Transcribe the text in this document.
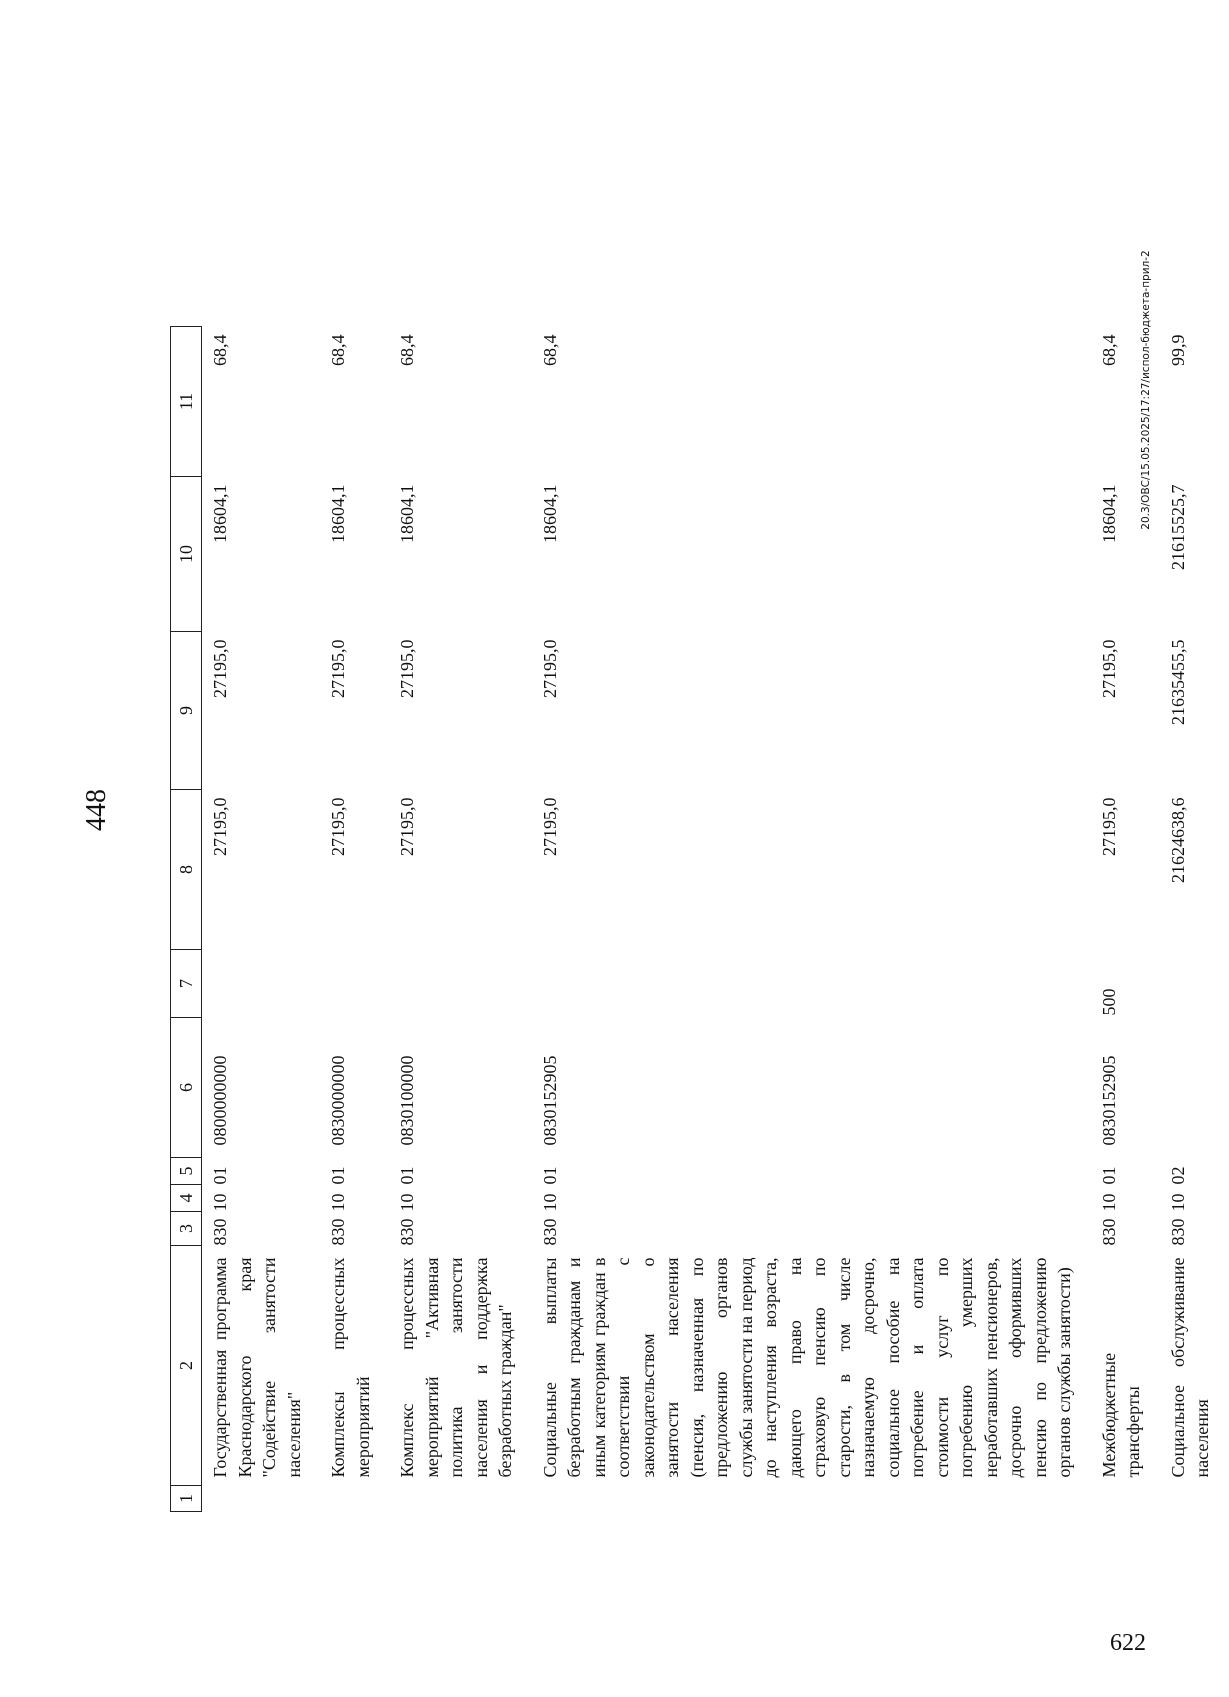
448
1	2	3	4	5	6	7	8	9	10	11
	Государственная программа Краснодарского края "Содействие занятости населения"	830	10	01	0800000000		27195,0	27195,0	18604,1	68,4
	Комплексы процессных мероприятий	830	10	01	0830000000		27195,0	27195,0	18604,1	68,4
	Комплекс процессных мероприятий "Активная политика занятости населения и поддержка безработных граждан"	830	10	01	0830100000		27195,0	27195,0	18604,1	68,4
	Социальные выплаты безработным гражданам и иным категориям граждан в соответствии с законодательством о занятости населения (пенсия, назначенная по предложению органов службы занятости на период до наступления возраста, дающего право на страховую пенсию по старости, в том числе назначаемую досрочно, социальное пособие на погребение и оплата стоимости услуг по погребению умерших неработавших пенсионеров, досрочно оформивших пенсию по предложению органов службы занятости)	830	10	01	0830152905		27195,0	27195,0	18604,1	68,4
	Межбюджетные трансферты	830	10	01	0830152905	500	27195,0	27195,0	18604,1	68,4
	Социальное обслуживание населения	830	10	02			21624638,6	21635455,5	21615525,7	99,9
20.3/ОВС/15.05.2025/17:27/испол-бюджета-прил-2
622
